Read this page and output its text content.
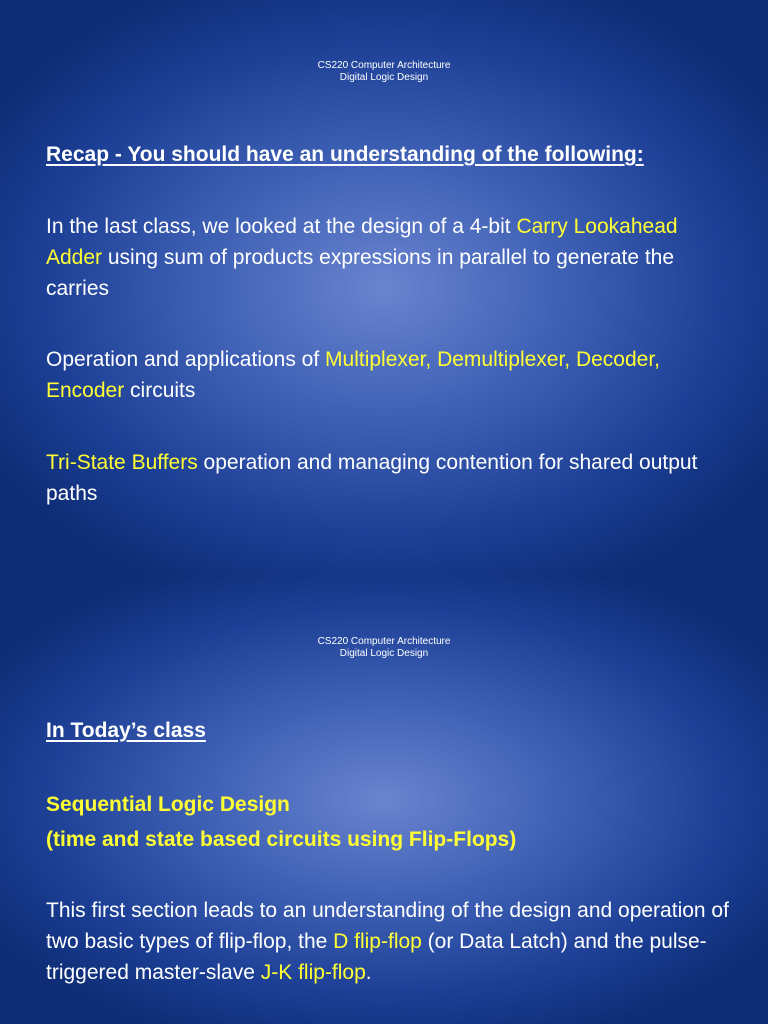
CS220 Computer Architecture
Digital Logic Design
Recap - You should have an understanding of the following:
In the last class, we looked at the design of a 4-bit Carry Lookahead Adder using sum of products expressions in parallel to generate the carries
Operation and applications of Multiplexer, Demultiplexer, Decoder, Encoder circuits
Tri-State Buffers operation and managing contention for shared output paths
CS220 Computer Architecture
Digital Logic Design
In Today’s class
Sequential Logic Design
(time and state based circuits using Flip-Flops)
This first section leads to an understanding of the design and operation of two basic types of flip-flop, the D flip-flop (or Data Latch) and the pulse-triggered master-slave J-K flip-flop.
